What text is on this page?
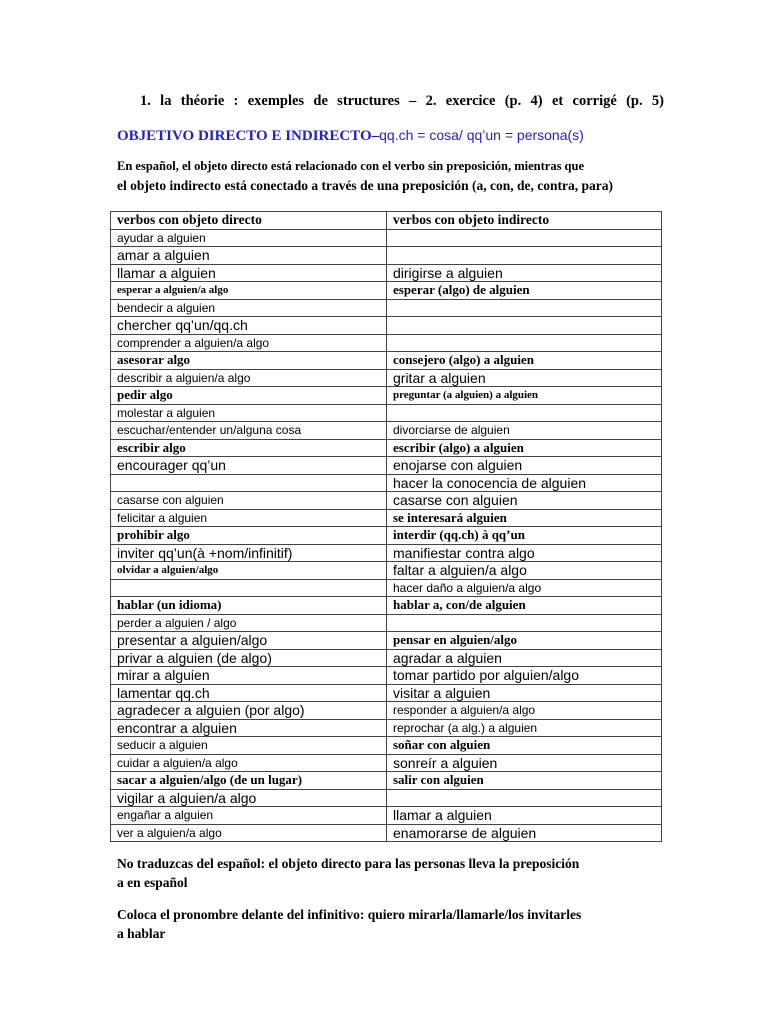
1. la théorie : exemples de structures – 2. exercice (p. 4) et corrigé (p. 5)
OBJETIVO DIRECTO E INDIRECTO–qq.ch = cosa/ qq’un = persona(s)
En español, el objeto directo está relacionado con el verbo sin preposición, mientras que
el objeto indirecto está conectado a través de una preposición (a, con, de, contra, para)
verbos con objeto directo	verbos con objeto indirecto
ayudar a alguien	
amar a alguien	
llamar a alguien	dirigirse a alguien
esperar a alguien/a algo	esperar (algo) de alguien
bendecir a alguien	
chercher qq’un/qq.ch	
comprender a alguien/a algo	
asesorar algo	consejero (algo) a alguien
describir a alguien/a algo	gritar a alguien
pedir algo	preguntar (a alguien) a alguien
molestar a alguien	
escuchar/entender un/alguna cosa	divorciarse de alguien
escribir algo	escribir (algo) a alguien
encourager qq’un	enojarse con alguien
	hacer la conocencia de alguien
casarse con alguien	casarse con alguien
felicitar a alguien	se interesará alguien
prohibir algo	interdir (qq.ch) à qq’un
inviter qq’un(à +nom/infinitif)	manifiestar contra algo
olvidar a alguien/algo	faltar a alguien/a algo
	hacer daño a alguien/a algo
hablar (un idioma)	hablar a, con/de alguien
perder a alguien / algo	
presentar a alguien/algo	pensar en alguien/algo
privar a alguien (de algo)	agradar a alguien
mirar a alguien	tomar partido por alguien/algo
lamentar qq.ch	visitar a alguien
agradecer a alguien (por algo)	responder a alguien/a algo
encontrar a alguien	reprochar (a alg.) a alguien
seducir a alguien	soñar con alguien
cuidar a alguien/a algo	sonreír a alguien
sacar a alguien/algo (de un lugar)	salir con alguien
vigilar a alguien/a algo	
engañar a alguien	llamar a alguien
ver a alguien/a algo	enamorarse de alguien
No traduzcas del español: el objeto directo para las personas lleva la preposición a en español
Coloca el pronombre delante del infinitivo: quiero mirarla/llamarle/los invitarles a hablar
